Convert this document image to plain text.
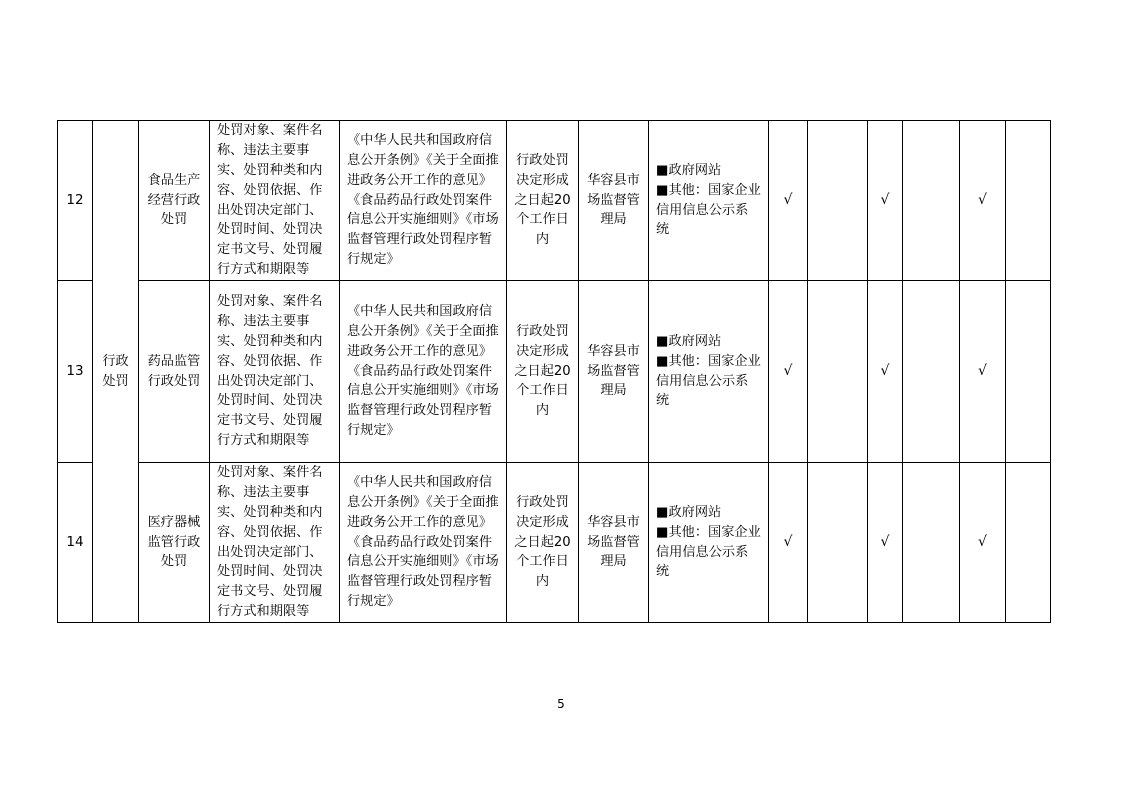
12	行政处罚	食品生产经营行政处罚	处罚对象、案件名称、违法主要事实、处罚种类和内容、处罚依据、作出处罚决定部门、处罚时间、处罚决定书文号、处罚履行方式和期限等	《中华人民共和国政府信息公开条例》《关于全面推进政务公开工作的意见》《食品药品行政处罚案件信息公开实施细则》《市场监督管理行政处罚程序暂行规定》	行政处罚决定形成之日起20个工作日内	华容县市场监督管理局	■政府网站
■其他：国家企业信用信息公示系统	√		√		√	
13		药品监管行政处罚	处罚对象、案件名称、违法主要事实、处罚种类和内容、处罚依据、作出处罚决定部门、处罚时间、处罚决定书文号、处罚履行方式和期限等	《中华人民共和国政府信息公开条例》《关于全面推进政务公开工作的意见》《食品药品行政处罚案件信息公开实施细则》《市场监督管理行政处罚程序暂行规定》	行政处罚决定形成之日起20个工作日内	华容县市场监督管理局	■政府网站
■其他：国家企业信用信息公示系统	√		√		√	
14		医疗器械监管行政处罚	处罚对象、案件名称、违法主要事实、处罚种类和内容、处罚依据、作出处罚决定部门、处罚时间、处罚决定书文号、处罚履行方式和期限等	《中华人民共和国政府信息公开条例》《关于全面推进政务公开工作的意见》《食品药品行政处罚案件信息公开实施细则》《市场监督管理行政处罚程序暂行规定》	行政处罚决定形成之日起20个工作日内	华容县市场监督管理局	■政府网站
■其他：国家企业信用信息公示系统	√		√		√	
5
